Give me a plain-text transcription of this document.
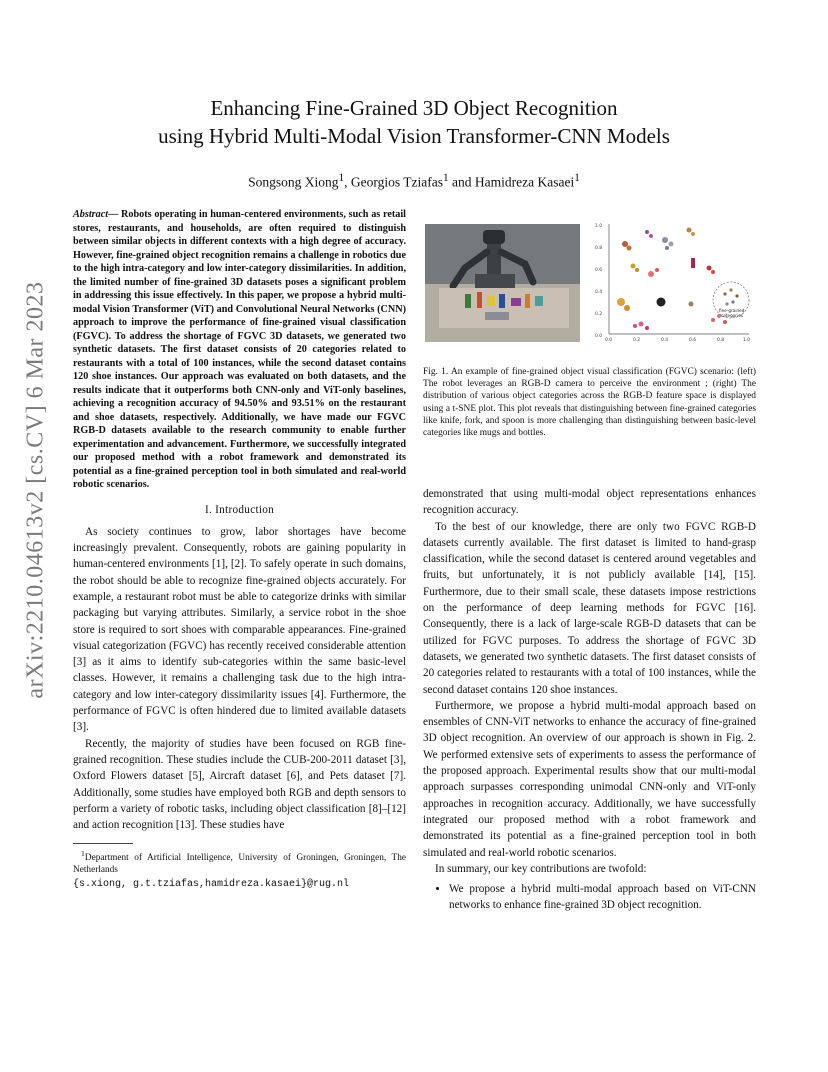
arXiv:2210.04613v2 [cs.CV] 6 Mar 2023
Enhancing Fine-Grained 3D Object Recognition
using Hybrid Multi-Modal Vision Transformer-CNN Models
Songsong Xiong$^1$, Georgios Tziafas$^1$ and Hamidreza Kasaei$^1$

Abstract— Robots operating in human-centered environments, such as retail stores, restaurants, and households, are often required to distinguish between similar objects in different contexts with a high degree of accuracy. However, fine-grained object recognition remains a challenge in robotics due to the high intra-category and low inter-category dissimilarities. In addition, the limited number of fine-grained 3D datasets poses a significant problem in addressing this issue effectively. In this paper, we propose a hybrid multi-modal Vision Transformer (ViT) and Convolutional Neural Networks (CNN) approach to improve the performance of fine-grained visual classification (FGVC). To address the shortage of FGVC 3D datasets, we generated two synthetic datasets. The first dataset consists of 20 categories related to restaurants with a total of 100 instances, while the second dataset contains 120 shoe instances. Our approach was evaluated on both datasets, and the results indicate that it outperforms both CNN-only and ViT-only baselines, achieving a recognition accuracy of 94.50% and 93.51% on the restaurant and shoe datasets, respectively. Additionally, we have made our FGVC RGB-D datasets available to the research community to enable further experimentation and advancement. Furthermore, we successfully integrated our proposed method with a robot framework and demonstrated its potential as a fine-grained perception tool in both simulated and real-world robotic scenarios.

I. Introduction

As society continues to grow, labor shortages have become increasingly prevalent. Consequently, robots are gaining popularity in human-centered environments [1], [2]. To safely operate in such domains, the robot should be able to recognize fine-grained objects accurately. For example, a restaurant robot must be able to categorize drinks with similar packaging but varying attributes. Similarly, a service robot in the shoe store is required to sort shoes with comparable appearances. Fine-grained visual categorization (FGVC) has recently received considerable attention [3] as it aims to identify sub-categories within the same basic-level classes. However, it remains a challenging task due to the high intra-category and low inter-category dissimilarity issues [4]. Furthermore, the performance of FGVC is often hindered due to limited available datasets [3].

Recently, the majority of studies have been focused on RGB fine-grained recognition. These studies include the CUB-200-2011 dataset [3], Oxford Flowers dataset [5], Aircraft dataset [6], and Pets dataset [7]. Additionally, some studies have employed both RGB and depth sensors to perform a variety of robotic tasks, including object classification [8]–[12] and action recognition [13]. These studies have

$^1$Department of Artificial Intelligence, University of Groningen, Groningen, The Netherlands

{s.xiong, g.t.tziafas,hamidreza.kasaei}@rug.nl

1.0
0.8
0.6
0.4
0.2
0.0
0.0	0.2	0.4	0.6	0.8	1.0
fine-grained categories
Fig. 1. An example of fine-grained object visual classification (FGVC) scenario: (left) The robot leverages an RGB-D camera to perceive the environment ; (right) The distribution of various object categories across the RGB-D feature space is displayed using a t-SNE plot. This plot reveals that distinguishing between fine-grained categories like knife, fork, and spoon is more challenging than distinguishing between basic-level categories like mugs and bottles.

demonstrated that using multi-modal object representations enhances recognition accuracy.

To the best of our knowledge, there are only two FGVC RGB-D datasets currently available. The first dataset is limited to hand-grasp classification, while the second dataset is centered around vegetables and fruits, but unfortunately, it is not publicly available [14], [15]. Furthermore, due to their small scale, these datasets impose restrictions on the performance of deep learning methods for FGVC [16]. Consequently, there is a lack of large-scale RGB-D datasets that can be utilized for FGVC purposes. To address the shortage of FGVC 3D datasets, we generated two synthetic datasets. The first dataset consists of 20 categories related to restaurants with a total of 100 instances, while the second dataset contains 120 shoe instances.

Furthermore, we propose a hybrid multi-modal approach based on ensembles of CNN-ViT networks to enhance the accuracy of fine-grained 3D object recognition. An overview of our approach is shown in Fig. 2. We performed extensive sets of experiments to assess the performance of the proposed approach. Experimental results show that our multi-modal approach surpasses corresponding unimodal CNN-only and ViT-only approaches in recognition accuracy. Additionally, we have successfully integrated our proposed method with a robot framework and demonstrated its potential as a fine-grained perception tool in both simulated and real-world robotic scenarios.

In summary, our key contributions are twofold:

• We propose a hybrid multi-modal approach based on ViT-CNN networks to enhance fine-grained 3D object recognition.
